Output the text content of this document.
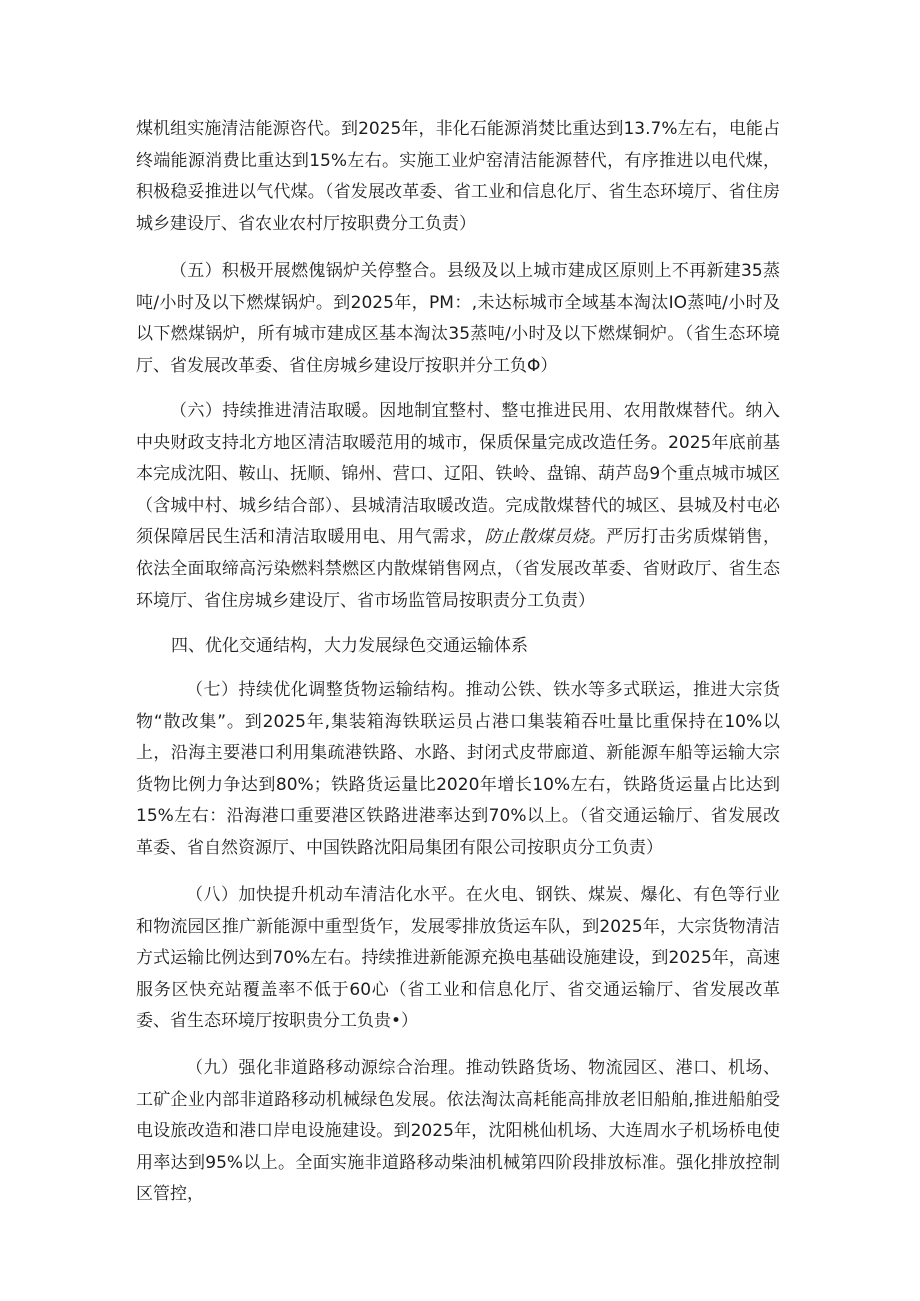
煤机组实施清洁能源咨代。到2025年，非化石能源消焚比重达到13.7%左右，电能占终端能源消费比重达到15%左右。实施工业炉窑清洁能源替代，有序推进以电代煤，积极稳妥推进以气代煤。（省发展改革委、省工业和信息化厅、省生态环境厅、省住房城乡建设厅、省农业农村厅按职费分工负责）

（五）积极开展燃傀锅炉关停整合。县级及以上城市建成区原则上不再新建35蒸吨/小时及以下燃煤锅炉。到2025年，PM：,未达标城市全域基本淘汰IO蒸吨/小时及以下燃煤锅炉，所有城市建成区基本淘汰35蒸吨/小时及以下燃煤铜炉。（省生态环境厅、省发展改革委、省住房城乡建设厅按职并分工负Φ）

（六）持续推进清洁取暖。因地制宜整村、整屯推进民用、农用散煤替代。纳入中央财政支持北方地区清洁取暖范用的城市，保质保量完成改造任务。2025年底前基本完成沈阳、鞍山、抚顺、锦州、营口、辽阳、铁岭、盘锦、葫芦岛9个重点城市城区（含城中村、城乡结合部）、县城清洁取暖改造。完成散煤替代的城区、县城及村屯必须保障居民生活和清洁取暖用电、用气需求，防止散煤员烧。严厉打击劣质煤销售，依法全面取缔高污染燃料禁燃区内散煤销售网点，（省发展改革委、省财政厅、省生态环境厅、省住房城乡建设厅、省市场监管局按职责分工负责）

四、优化交通结构，大力发展绿色交通运输体系

（七）持续优化调整货物运输结构。推动公铁、铁水等多式联运，推进大宗货物“散改集”。到2025年,集装箱海铁联运员占港口集装箱吞吐量比重保持在10%以上，沿海主要港口利用集疏港铁路、水路、封闭式皮带廊道、新能源车船等运输大宗货物比例力争达到80%；铁路货运量比2020年增长10%左右，铁路货运量占比达到15%左右：沿海港口重要港区铁路进港率达到70%以上。（省交通运输厅、省发展改革委、省自然资源厅、中国铁路沈阳局集团有限公司按职贞分工负责）

（八）加快提升机动车清洁化水平。在火电、钢铁、煤炭、爆化、有色等行业和物流园区推广新能源中重型货乍，发展零排放货运车队，到2025年，大宗货物清洁方式运输比例达到70%左右。持续推进新能源充换电基础设施建设，到2025年，高速服务区快充站覆盖率不低于60心（省工业和信息化厅、省交通运输厅、省发展改革委、省生态环境厅按职贵分工负贵•）

（九）强化非道路移动源综合治理。推动铁路货场、物流园区、港口、机场、工矿企业内部非道路移动机械绿色发展。依法淘汰高耗能高排放老旧船舶,推进船舶受电设旅改造和港口岸电设施建设。到2025年，沈阳桃仙机场、大连周水子机场桥电使用率达到95%以上。全面实施非道路移动柴油机械第四阶段排放标准。强化排放控制区管控，
